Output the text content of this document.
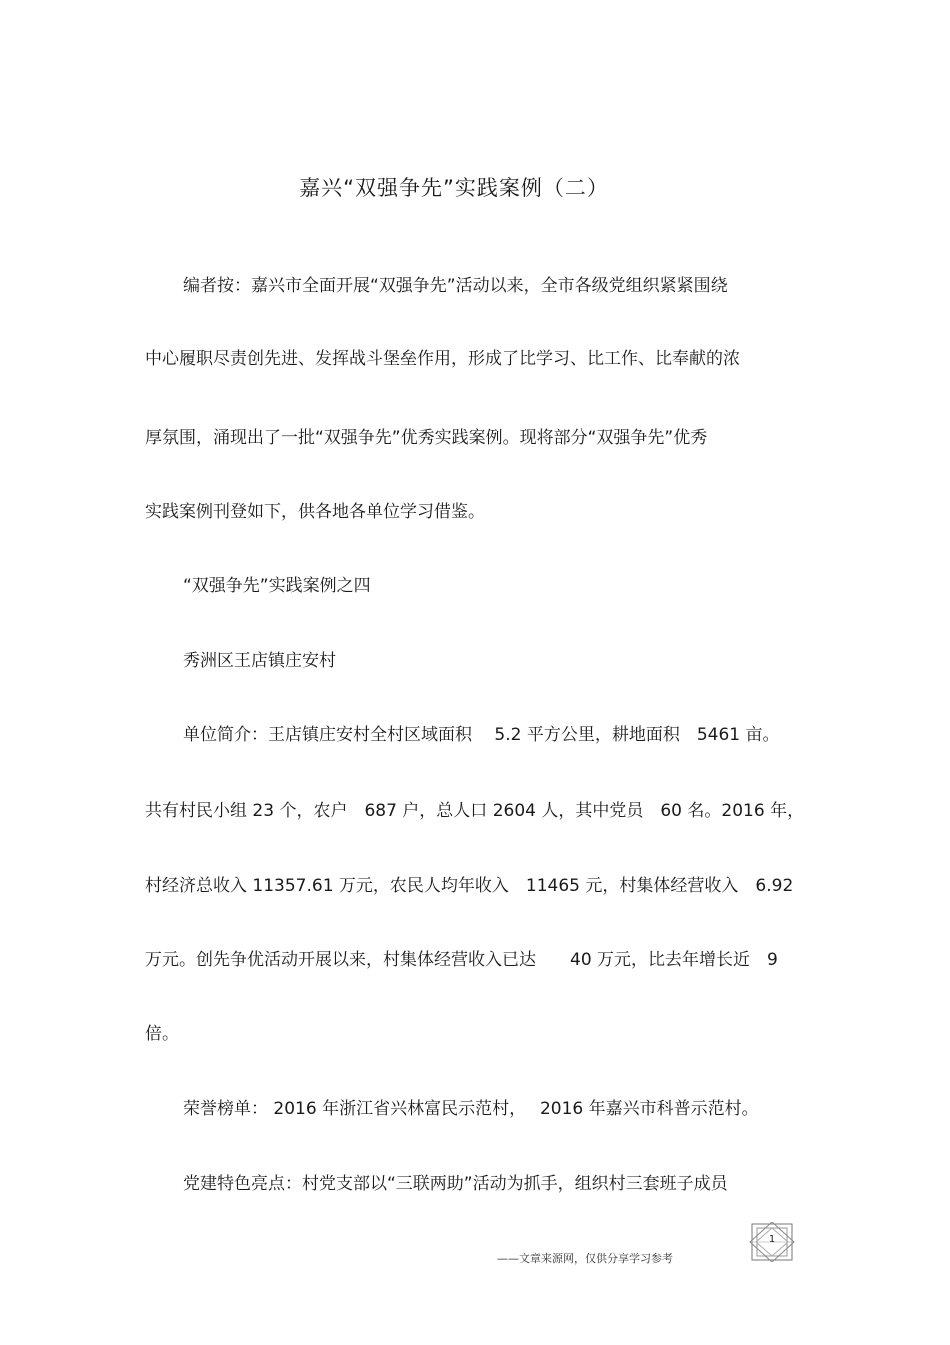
嘉兴“双强争先”实践案例（二）
编者按：嘉兴市全面开展“双强争先”活动以来，全市各级党组织紧紧围绕
中心履职尽责创先进、发挥战斗堡垒作用，形成了比学习、比工作、比奉献的浓
厚氛围，涌现出了一批“双强争先”优秀实践案例。现将部分“双强争先”优秀
实践案例刊登如下，供各地各单位学习借鉴。
“双强争先”实践案例之四
秀洲区王店镇庄安村
单位简介：王店镇庄安村全村区域面积　 5.2 平方公里，耕地面积　5461 亩。
共有村民小组 23 个，农户　687 户，总人口 2604 人，其中党员　60 名。2016 年，
村经济总收入 11357.61 万元，农民人均年收入　11465 元，村集体经营收入　6.92
万元。创先争优活动开展以来，村集体经营收入已达　　40 万元，比去年增长近　9
倍。
荣誉榜单： 2016 年浙江省兴林富民示范村，　 2016 年嘉兴市科普示范村。
党建特色亮点：村党支部以“三联两助”活动为抓手，组织村三套班子成员
——文章来源网，仅供分享学习参考
1
